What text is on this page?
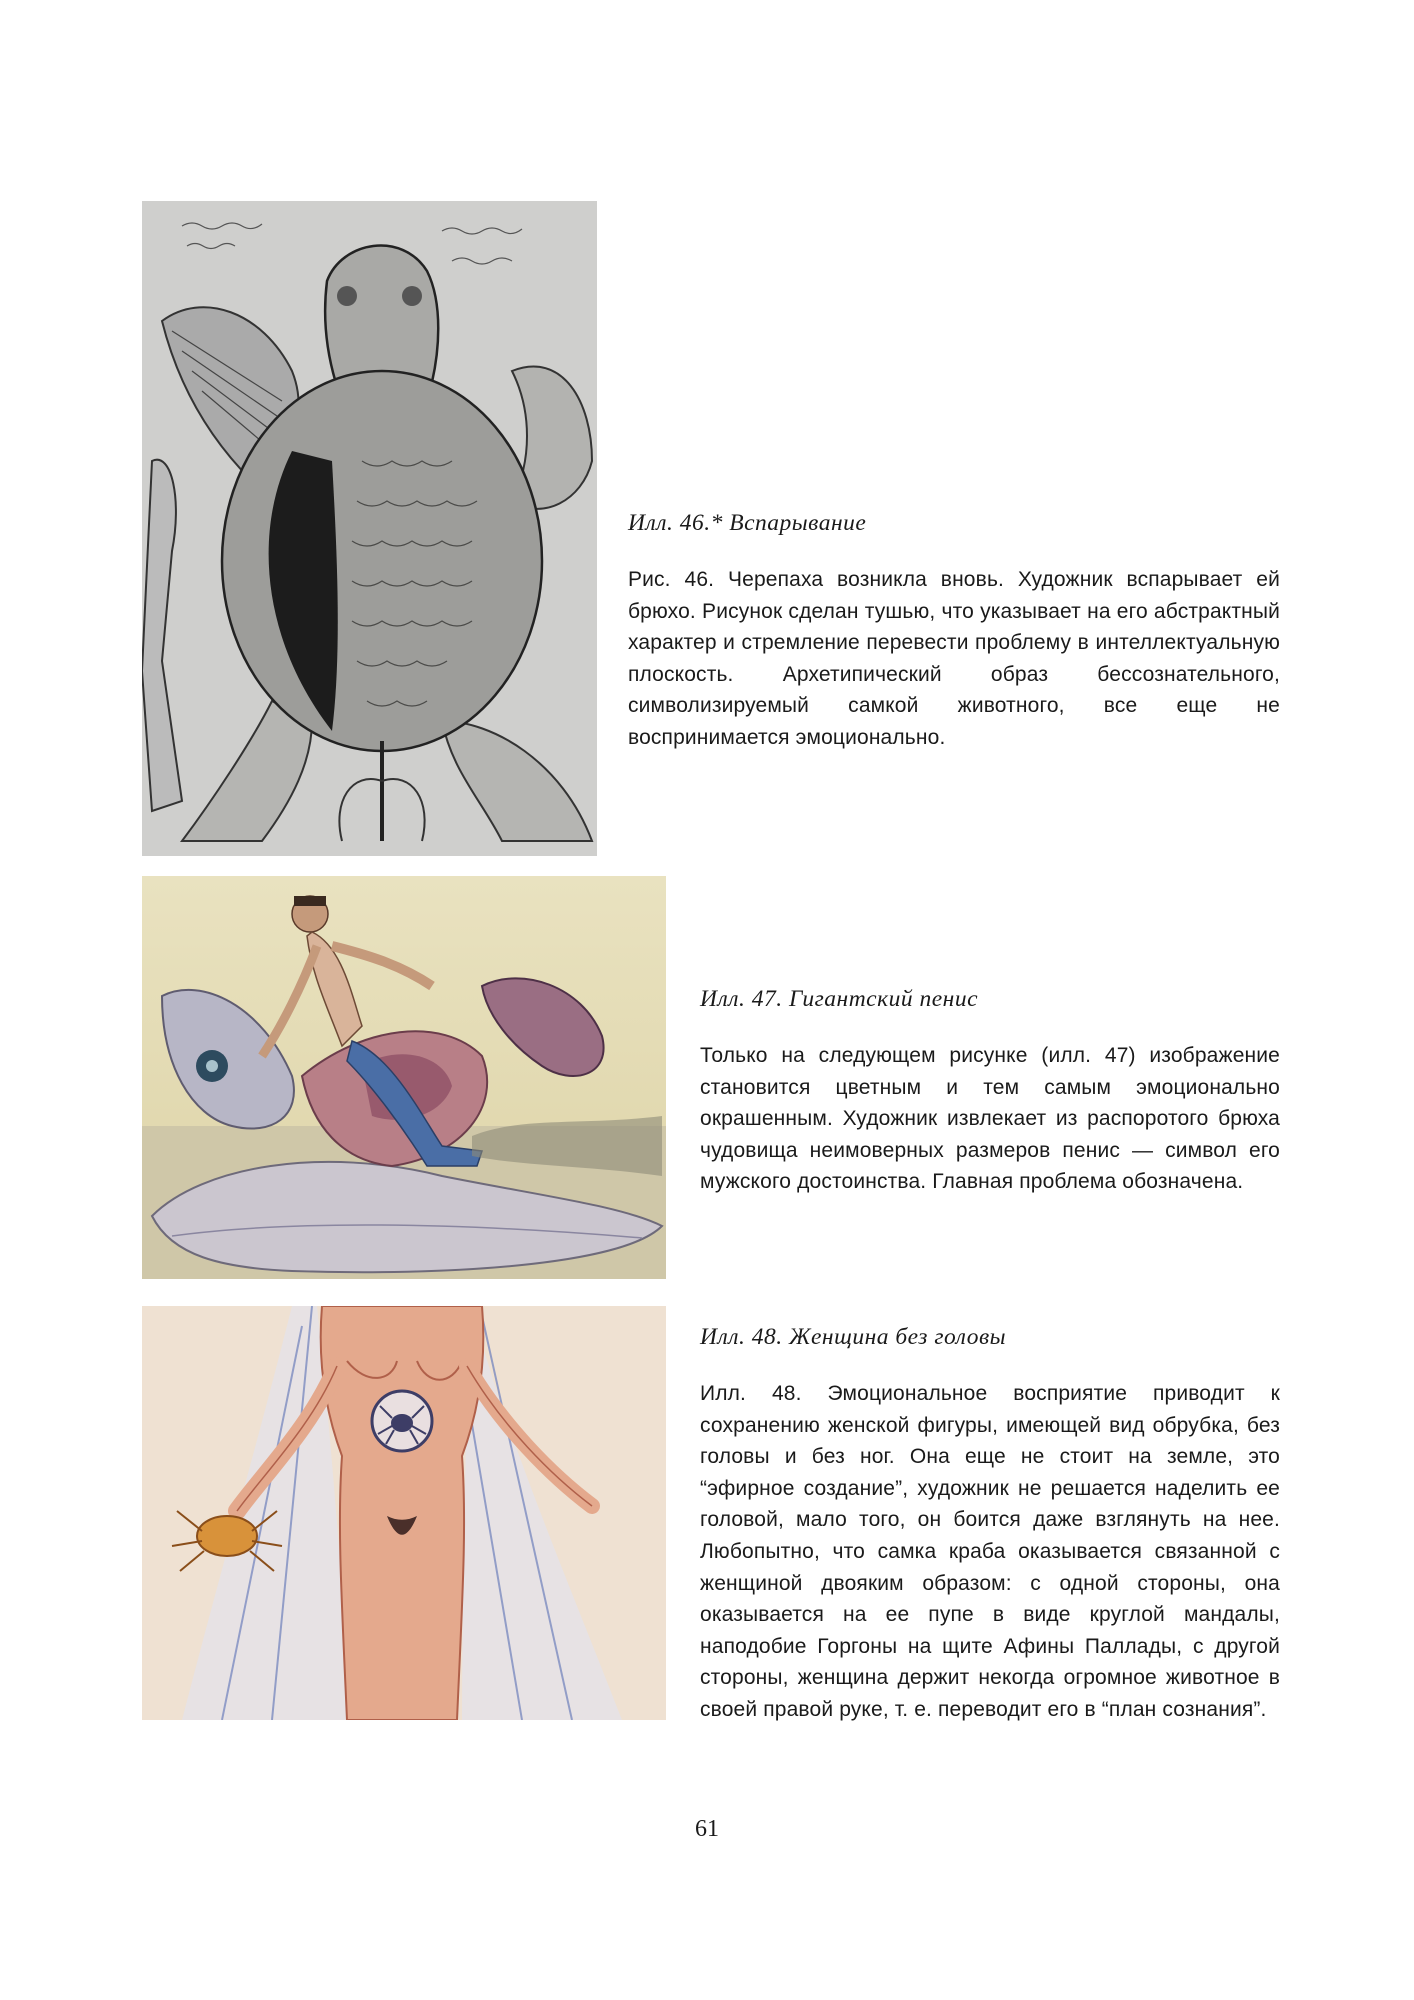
Илл. 46.* Вспарывание

Рис. 46. Черепаха возникла вновь. Художник вспарывает ей брюхо. Рисунок сделан тушью, что указывает на его абстрактный характер и стремление перевести проблему в интеллектуальную плоскость. Архетипический образ бессознательного, символизируемый самкой животного, все еще не воспринимается эмоционально.

Илл. 47. Гигантский пенис

Только на следующем рисунке (илл. 47) изображение становится цветным и тем самым эмоционально окрашенным. Художник извлекает из распоротого брюха чудовища неимоверных размеров пенис — символ его мужского достоинства. Главная проблема обозначена.

Илл. 48. Женщина без головы

Илл. 48. Эмоциональное восприятие приводит к сохранению женской фигуры, имеющей вид обрубка, без головы и без ног. Она еще не стоит на земле, это “эфирное создание”, художник не решается наделить ее головой, мало того, он боится даже взглянуть на нее. Любопытно, что самка краба оказывается связанной с женщиной двояким образом: с одной стороны, она оказывается на ее пупе в виде круглой мандалы, наподобие Горгоны на щите Афины Паллады, с другой стороны, женщина держит некогда огромное животное в своей правой руке, т. е. переводит его в “план сознания”.

61
